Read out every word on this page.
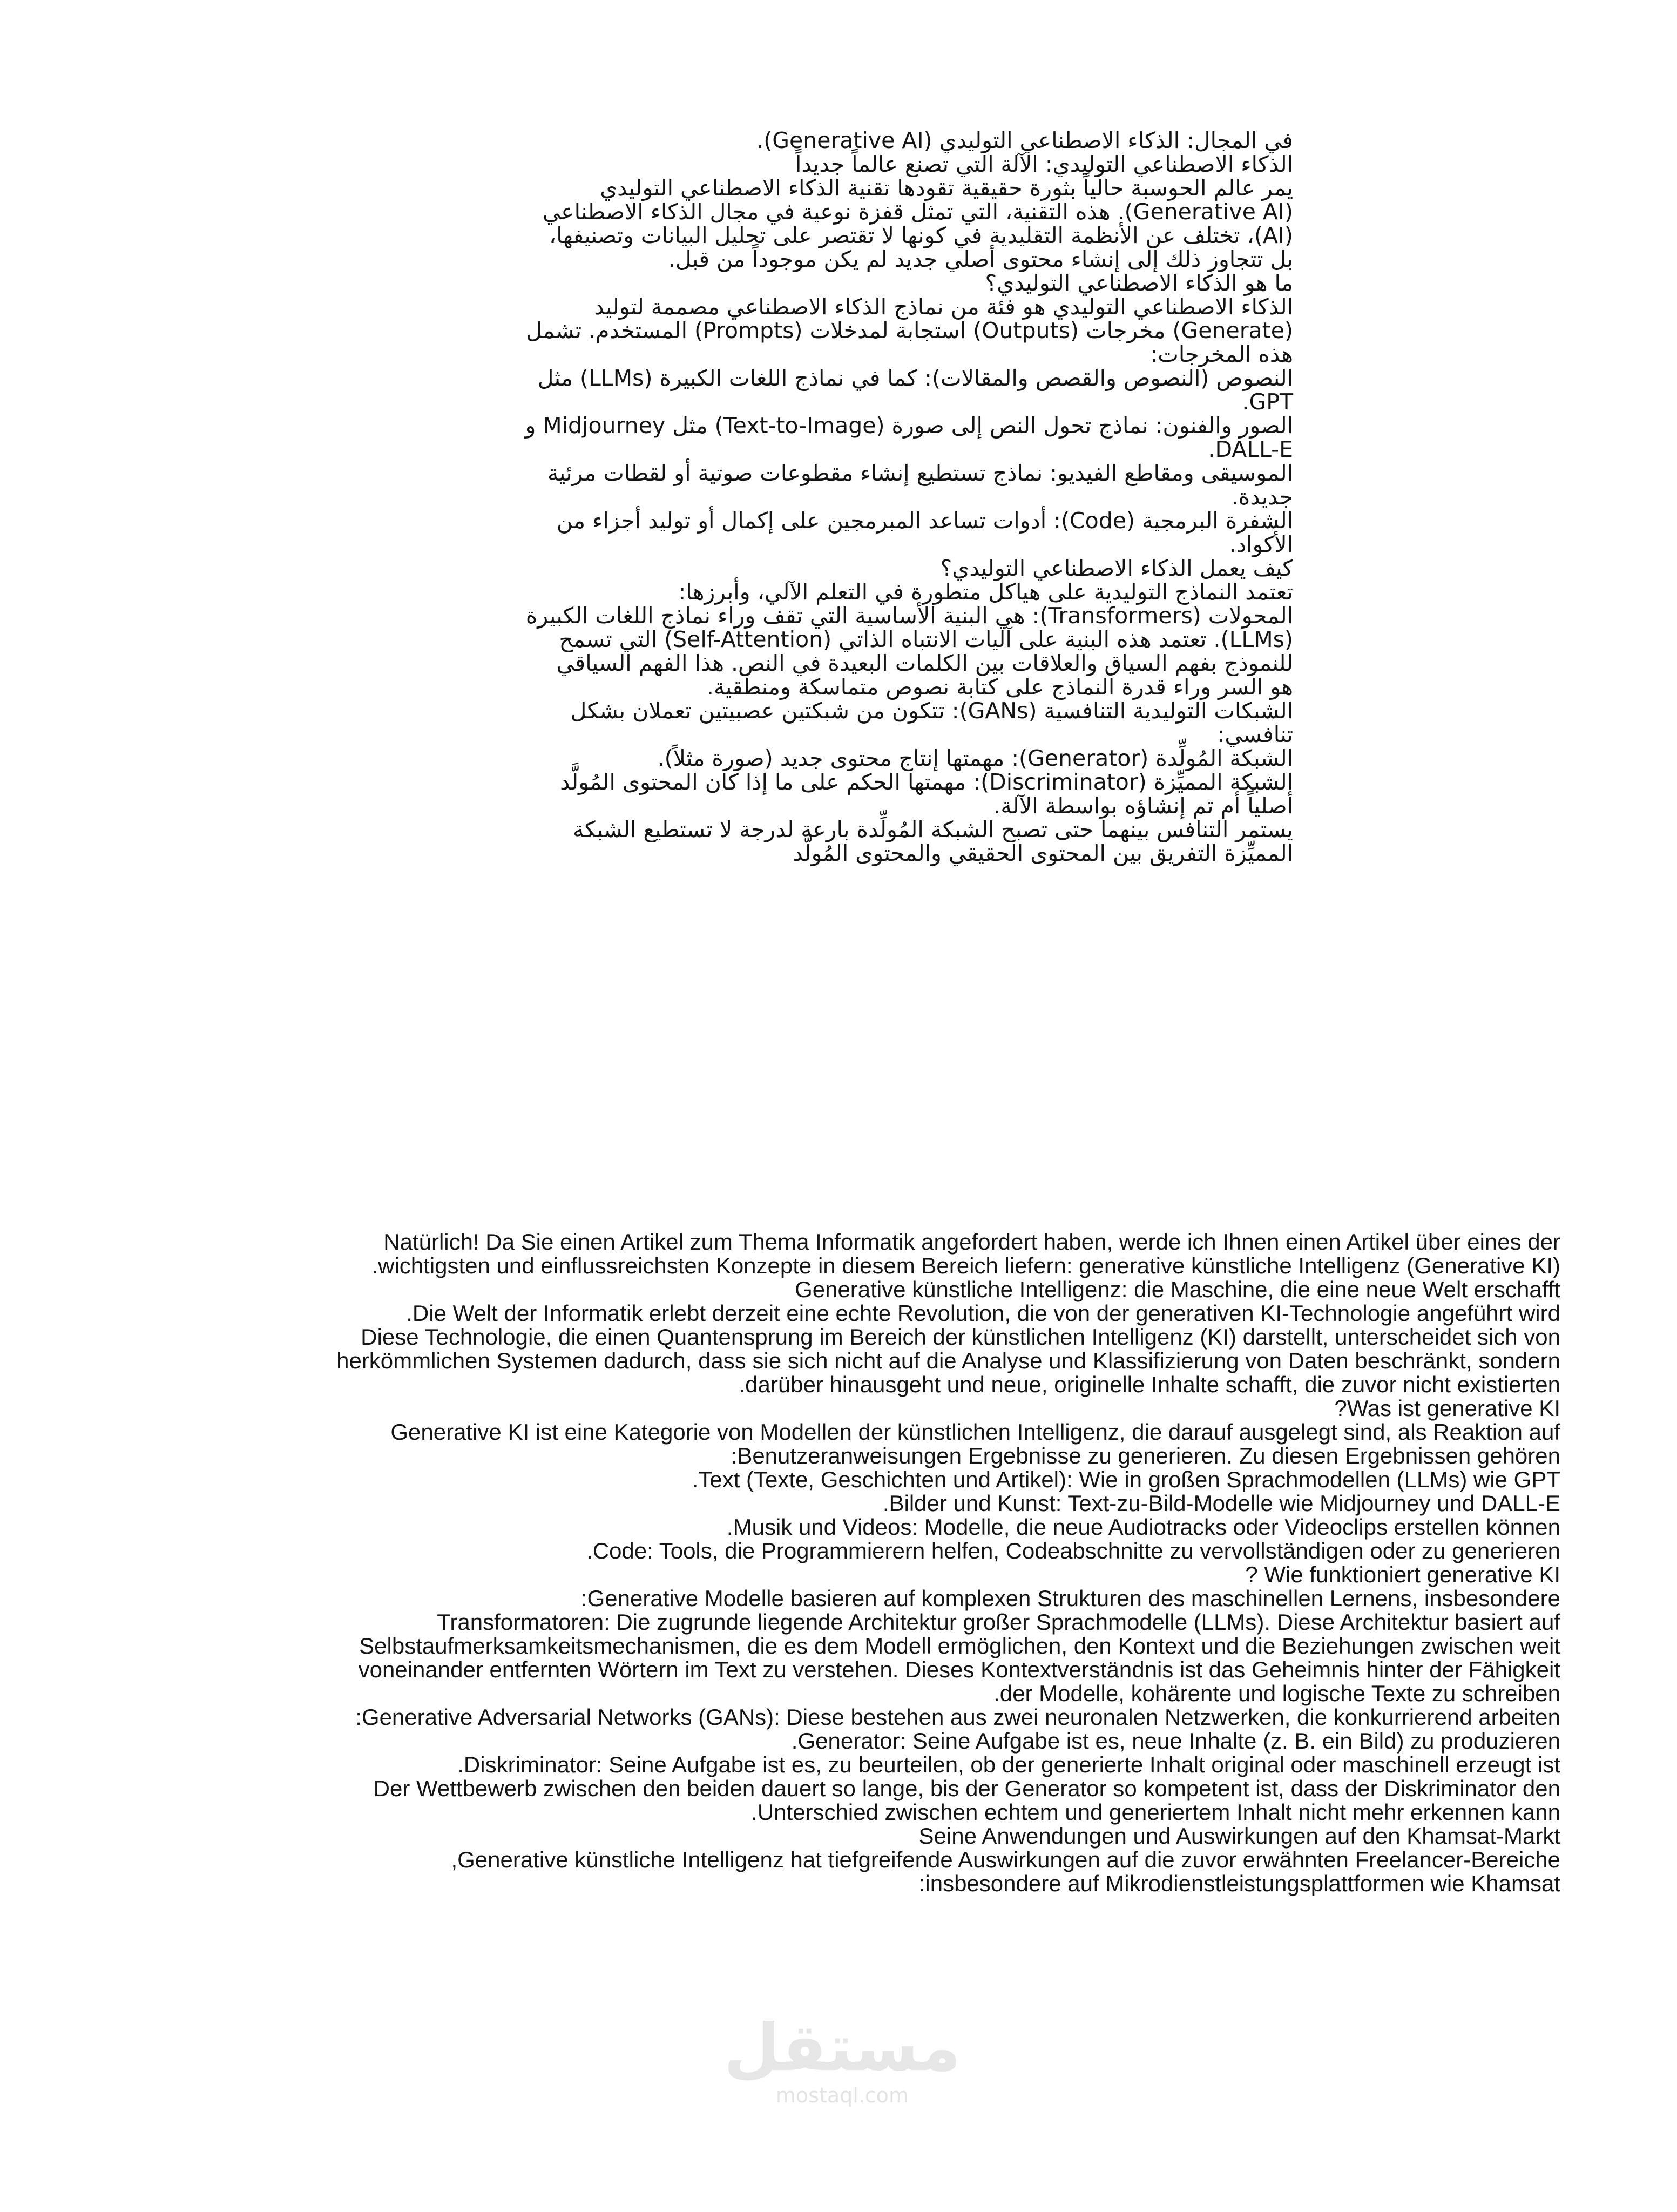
في المجال: الذكاء الاصطناعي التوليدي (Generative AI).
الذكاء الاصطناعي التوليدي: الآلة التي تصنع عالماً جديداً
يمر عالم الحوسبة حالياً بثورة حقيقية تقودها تقنية الذكاء الاصطناعي التوليدي
(Generative AI). هذه التقنية، التي تمثل قفزة نوعية في مجال الذكاء الاصطناعي
(AI)، تختلف عن الأنظمة التقليدية في كونها لا تقتصر على تحليل البيانات وتصنيفها،
بل تتجاوز ذلك إلى إنشاء محتوى أصلي جديد لم يكن موجوداً من قبل.
ما هو الذكاء الاصطناعي التوليدي؟
الذكاء الاصطناعي التوليدي هو فئة من نماذج الذكاء الاصطناعي مصممة لتوليد
(Generate) مخرجات (Outputs) استجابة لمدخلات (Prompts) المستخدم. تشمل
هذه المخرجات:
النصوص (النصوص والقصص والمقالات): كما في نماذج اللغات الكبيرة (LLMs) مثل
GPT.
الصور والفنون: نماذج تحول النص إلى صورة (Text-to-Image) مثل Midjourney و
DALL-E.
الموسيقى ومقاطع الفيديو: نماذج تستطيع إنشاء مقطوعات صوتية أو لقطات مرئية
جديدة.
الشفرة البرمجية (Code): أدوات تساعد المبرمجين على إكمال أو توليد أجزاء من
الأكواد.
كيف يعمل الذكاء الاصطناعي التوليدي؟
تعتمد النماذج التوليدية على هياكل متطورة في التعلم الآلي، وأبرزها:
المحولات (Transformers): هي البنية الأساسية التي تقف وراء نماذج اللغات الكبيرة
(LLMs). تعتمد هذه البنية على آليات الانتباه الذاتي (Self-Attention) التي تسمح
للنموذج بفهم السياق والعلاقات بين الكلمات البعيدة في النص. هذا الفهم السياقي
هو السر وراء قدرة النماذج على كتابة نصوص متماسكة ومنطقية.
الشبكات التوليدية التنافسية (GANs): تتكون من شبكتين عصبيتين تعملان بشكل
تنافسي:
الشبكة المُولِّدة (Generator): مهمتها إنتاج محتوى جديد (صورة مثلاً).
الشبكة المميِّزة (Discriminator): مهمتها الحكم على ما إذا كان المحتوى المُولَّد
أصلياً أم تم إنشاؤه بواسطة الآلة.
يستمر التنافس بينهما حتى تصبح الشبكة المُولِّدة بارعة لدرجة لا تستطيع الشبكة
المميِّزة التفريق بين المحتوى الحقيقي والمحتوى المُولَّد
Natürlich! Da Sie einen Artikel zum Thema Informatik angefordert haben, werde ich Ihnen einen Artikel über eines der
wichtigsten und einflussreichsten Konzepte in diesem Bereich liefern: generative künstliche Intelligenz (Generative KI).
Generative künstliche Intelligenz: die Maschine, die eine neue Welt erschafft
Die Welt der Informatik erlebt derzeit eine echte Revolution, die von der generativen KI-Technologie angeführt wird.
Diese Technologie, die einen Quantensprung im Bereich der künstlichen Intelligenz (KI) darstellt, unterscheidet sich von
herkömmlichen Systemen dadurch, dass sie sich nicht auf die Analyse und Klassifizierung von Daten beschränkt, sondern
darüber hinausgeht und neue, originelle Inhalte schafft, die zuvor nicht existierten.
Was ist generative KI?
Generative KI ist eine Kategorie von Modellen der künstlichen Intelligenz, die darauf ausgelegt sind, als Reaktion auf
Benutzeranweisungen Ergebnisse zu generieren. Zu diesen Ergebnissen gehören:
Text (Texte, Geschichten und Artikel): Wie in großen Sprachmodellen (LLMs) wie GPT.
Bilder und Kunst: Text-zu-Bild-Modelle wie Midjourney und DALL-E.
Musik und Videos: Modelle, die neue Audiotracks oder Videoclips erstellen können.
Code: Tools, die Programmierern helfen, Codeabschnitte zu vervollständigen oder zu generieren.
Wie funktioniert generative KI ?
Generative Modelle basieren auf komplexen Strukturen des maschinellen Lernens, insbesondere:
Transformatoren: Die zugrunde liegende Architektur großer Sprachmodelle (LLMs). Diese Architektur basiert auf
Selbstaufmerksamkeitsmechanismen, die es dem Modell ermöglichen, den Kontext und die Beziehungen zwischen weit
voneinander entfernten Wörtern im Text zu verstehen. Dieses Kontextverständnis ist das Geheimnis hinter der Fähigkeit
der Modelle, kohärente und logische Texte zu schreiben.
Generative Adversarial Networks (GANs): Diese bestehen aus zwei neuronalen Netzwerken, die konkurrierend arbeiten:
Generator: Seine Aufgabe ist es, neue Inhalte (z. B. ein Bild) zu produzieren.
Diskriminator: Seine Aufgabe ist es, zu beurteilen, ob der generierte Inhalt original oder maschinell erzeugt ist.
Der Wettbewerb zwischen den beiden dauert so lange, bis der Generator so kompetent ist, dass der Diskriminator den
Unterschied zwischen echtem und generiertem Inhalt nicht mehr erkennen kann.
Seine Anwendungen und Auswirkungen auf den Khamsat-Markt
Generative künstliche Intelligenz hat tiefgreifende Auswirkungen auf die zuvor erwähnten Freelancer-Bereiche,
insbesondere auf Mikrodienstleistungsplattformen wie Khamsat:
مستقل
mostaql.com
